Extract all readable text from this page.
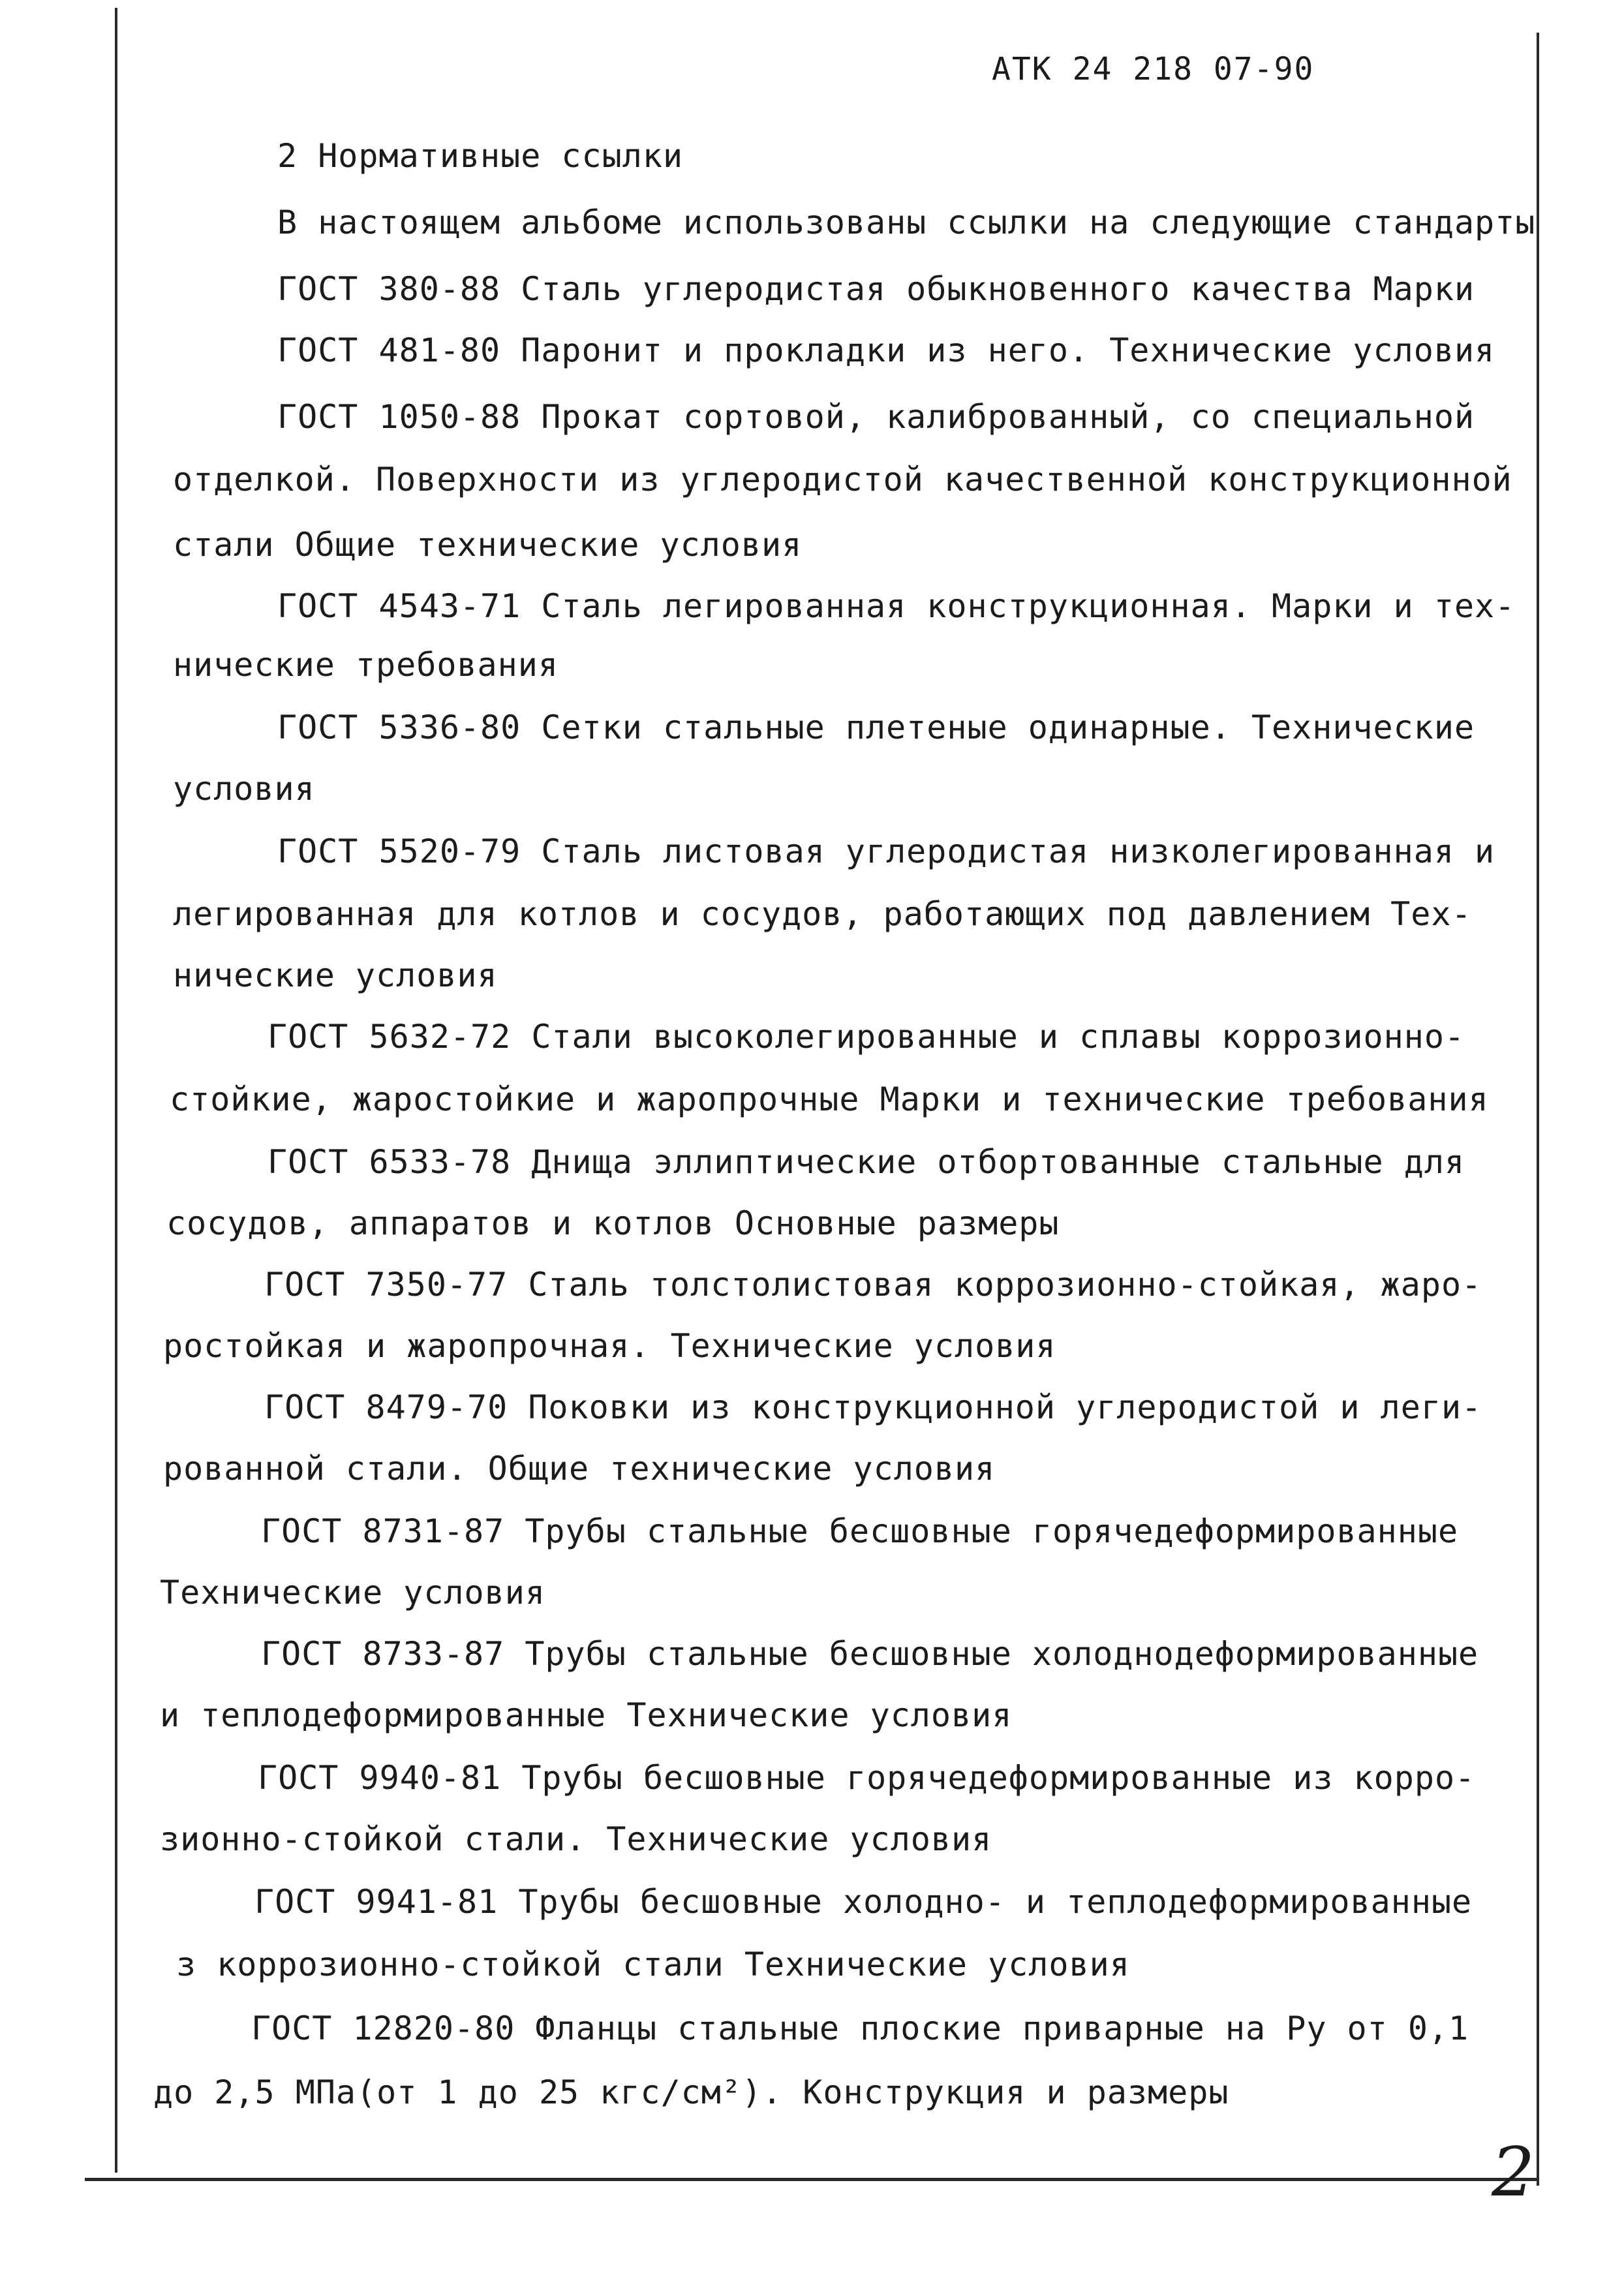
АТК 24 218 07-90
2 Нормативные ссылки
В настоящем альбоме использованы ссылки на следующие стандарты
ГОСТ 380-88 Сталь углеродистая обыкновенного качества Марки
ГОСТ 481-80 Паронит и прокладки из него. Технические условия
ГОСТ 1050-88 Прокат сортовой, калиброванный, со специальной
отделкой. Поверхности из углеродистой качественной конструкционной
стали Общие технические условия
ГОСТ 4543-71 Сталь легированная конструкционная. Марки и тех-
нические требования
ГОСТ 5336-80 Сетки стальные плетеные одинарные. Технические
условия
ГОСТ 5520-79 Сталь листовая углеродистая низколегированная и
легированная для котлов и сосудов, работающих под давлением Тех-
нические условия
ГОСТ 5632-72 Стали высоколегированные и сплавы коррозионно-
стойкие, жаростойкие и жаропрочные Марки и технические требования
ГОСТ 6533-78 Днища эллиптические отбортованные стальные для
сосудов, аппаратов и котлов Основные размеры
ГОСТ 7350-77 Сталь толстолистовая коррозионно-стойкая, жаро-
ростойкая и жаропрочная. Технические условия
ГОСТ 8479-70 Поковки из конструкционной углеродистой и леги-
рованной стали. Общие технические условия
ГОСТ 8731-87 Трубы стальные бесшовные горячедеформированные
Технические условия
ГОСТ 8733-87 Трубы стальные бесшовные холоднодеформированные
и теплодеформированные Технические условия
ГОСТ 9940-81 Трубы бесшовные горячедеформированные из корро-
зионно-стойкой стали. Технические условия
ГОСТ 9941-81 Трубы бесшовные холодно- и теплодеформированные
з коррозионно-стойкой стали Технические условия
ГОСТ 12820-80 Фланцы стальные плоские приварные на Ру от 0,1
до 2,5 МПа(от 1 до 25 кгс/см²). Конструкция и размеры
2
